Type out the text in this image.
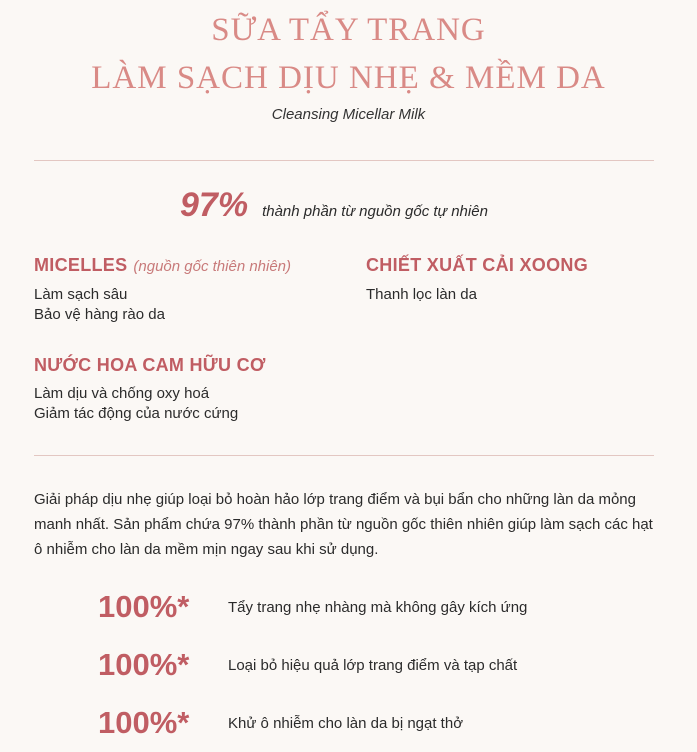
SỮA TẨY TRANG
LÀM SẠCH DỊU NHẸ & MỀM DA
Cleansing Micellar Milk
97% thành phần từ nguồn gốc tự nhiên
MICELLES (nguồn gốc thiên nhiên)
Làm sạch sâu
Bảo vệ hàng rào da
CHIẾT XUẤT CẢI XOONG
Thanh lọc làn da
NƯỚC HOA CAM HỮU CƠ
Làm dịu và chống oxy hoá
Giảm tác động của nước cứng
Giải pháp dịu nhẹ giúp loại bỏ hoàn hảo lớp trang điểm và bụi bẩn cho những làn da mỏng manh nhất. Sản phẩm chứa 97% thành phần từ nguồn gốc thiên nhiên giúp làm sạch các hạt ô nhiễm cho làn da mềm mịn ngay sau khi sử dụng.
100%*	Tẩy trang nhẹ nhàng mà không gây kích ứng
100%*	Loại bỏ hiệu quả lớp trang điểm và tạp chất
100%*	Khử ô nhiễm cho làn da bị ngạt thở
